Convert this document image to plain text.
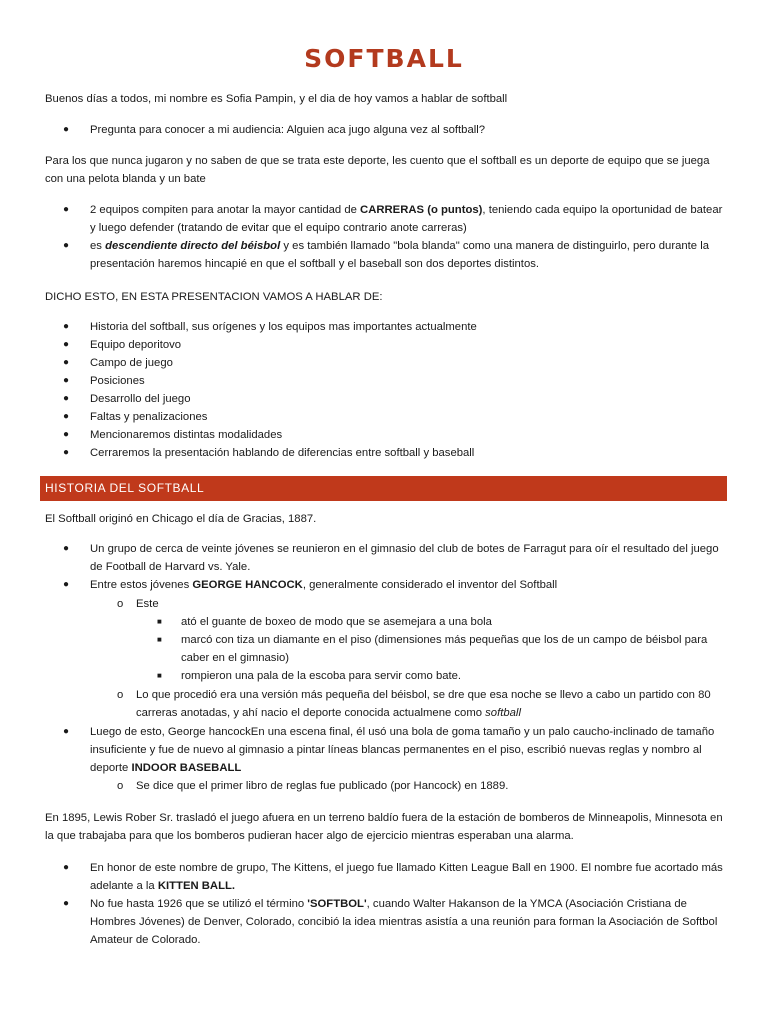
SOFTBALL

Buenos días a todos, mi nombre es Sofia Pampin, y el dia de hoy vamos a hablar de softball

● Pregunta para conocer a mi audiencia: Alguien aca jugo alguna vez al softball?

Para los que nunca jugaron y no saben de que se trata este deporte, les cuento que el softball es un deporte de equipo que se juega con una pelota blanda y un bate

● 2 equipos compiten para anotar la mayor cantidad de CARRERAS (o puntos), teniendo cada equipo la oportunidad de batear y luego defender (tratando de evitar que el equipo contrario anote carreras)
● es descendiente directo del béisbol y es también llamado "bola blanda" como una manera de distinguirlo, pero durante la presentación haremos hincapié en que el softball y el baseball son dos deportes distintos.

DICHO ESTO, EN ESTA PRESENTACION VAMOS A HABLAR DE:

● Historia del softball, sus orígenes y los equipos mas importantes actualmente
● Equipo deporitovo
● Campo de juego
● Posiciones
● Desarrollo del juego
● Faltas y penalizaciones
● Mencionaremos distintas modalidades
● Cerraremos la presentación hablando de diferencias entre softball y baseball
HISTORIA DEL SOFTBALL

El Softball originó en Chicago el día de Gracias, 1887.

● Un grupo de cerca de veinte jóvenes se reunieron en el gimnasio del club de botes de Farragut para oír el resultado del juego de Football de Harvard vs. Yale.
● Entre estos jóvenes GEORGE HANCOCK, generalmente considerado el inventor del Softball
o Este
■ ató el guante de boxeo de modo que se asemejara a una bola
■ marcó con tiza un diamante en el piso (dimensiones más pequeñas que los de un campo de béisbol para caber en el gimnasio)
■ rompieron una pala de la escoba para servir como bate.
o Lo que procedió era una versión más pequeña del béisbol, se dre que esa noche se llevo a cabo un partido con 80 carreras anotadas, y ahí nacio el deporte conocida actualmene como softball
● Luego de esto, George hancockEn una escena final, él usó una bola de goma tamaño y un palo caucho-inclinado de tamaño insuficiente y fue de nuevo al gimnasio a pintar líneas blancas permanentes en el piso, escribió nuevas reglas y nombro al deporte INDOOR BASEBALL
o Se dice que el primer libro de reglas fue publicado (por Hancock) en 1889.

En 1895, Lewis Rober Sr. trasladó el juego afuera en un terreno baldío fuera de la estación de bomberos de Minneapolis, Minnesota en la que trabajaba para que los bomberos pudieran hacer algo de ejercicio mientras esperaban una alarma.

● En honor de este nombre de grupo, The Kittens, el juego fue llamado Kitten League Ball en 1900. El nombre fue acortado más adelante a la KITTEN BALL.
● No fue hasta 1926 que se utilizó el término 'SOFTBOL', cuando Walter Hakanson de la YMCA (Asociación Cristiana de Hombres Jóvenes) de Denver, Colorado, concibió la idea mientras asistía a una reunión para forman la Asociación de Softbol Amateur de Colorado.
